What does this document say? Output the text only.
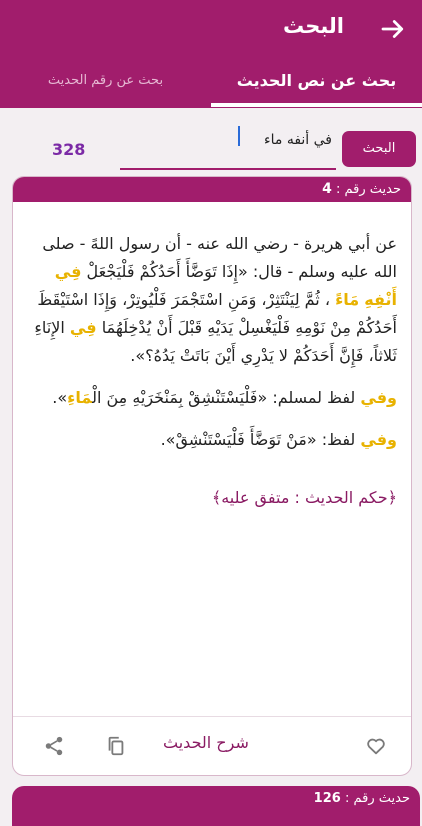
البحث
بحث عن نص الحديث
بحث عن رقم الحديث
البحث
في أنفه ماء
328
حديث رقم : 4
عن أبي هريرة - رضي الله عنه - أن رسول اللهً - صلى الله عليه وسلم - قال: «إِذَا تَوَضَّأَ أَحَدُكُمْ فَلْيَجْعَلْ فِي أَنْفِهِ مَاءً ، ثُمَّ لِيَنْتَثِرْ، وَمَنِ اسْتَجْمَرَ فَلْيُوتِرْ، وَإِذَا اسْتَيْقَظَ أَحَدُكُمْ مِنْ نَوْمِهِ فَلْيَغْسِلْ يَدَيْهِ قَبْلَ أَنْ يُدْخِلَهُمَا فِي الإِنَاءِ ثَلاثاً، فَإِنَّ أَحَدَكُمْ لا يَدْرِي أَيْنَ بَاتَتْ يَدُهُ؟».
وفي لفظ لمسلم: «فَلْيَسْتَنْشِقْ بِمَنْخَرَيْهِ مِنَ الْمَاءِ».
وفي لفظ: «مَنْ تَوَضَّأَ فَلْيَسْتَنْشِقْ».
﴿حكم الحديث : متفق عليه﴾
شرح الحديث
حديث رقم : 126
